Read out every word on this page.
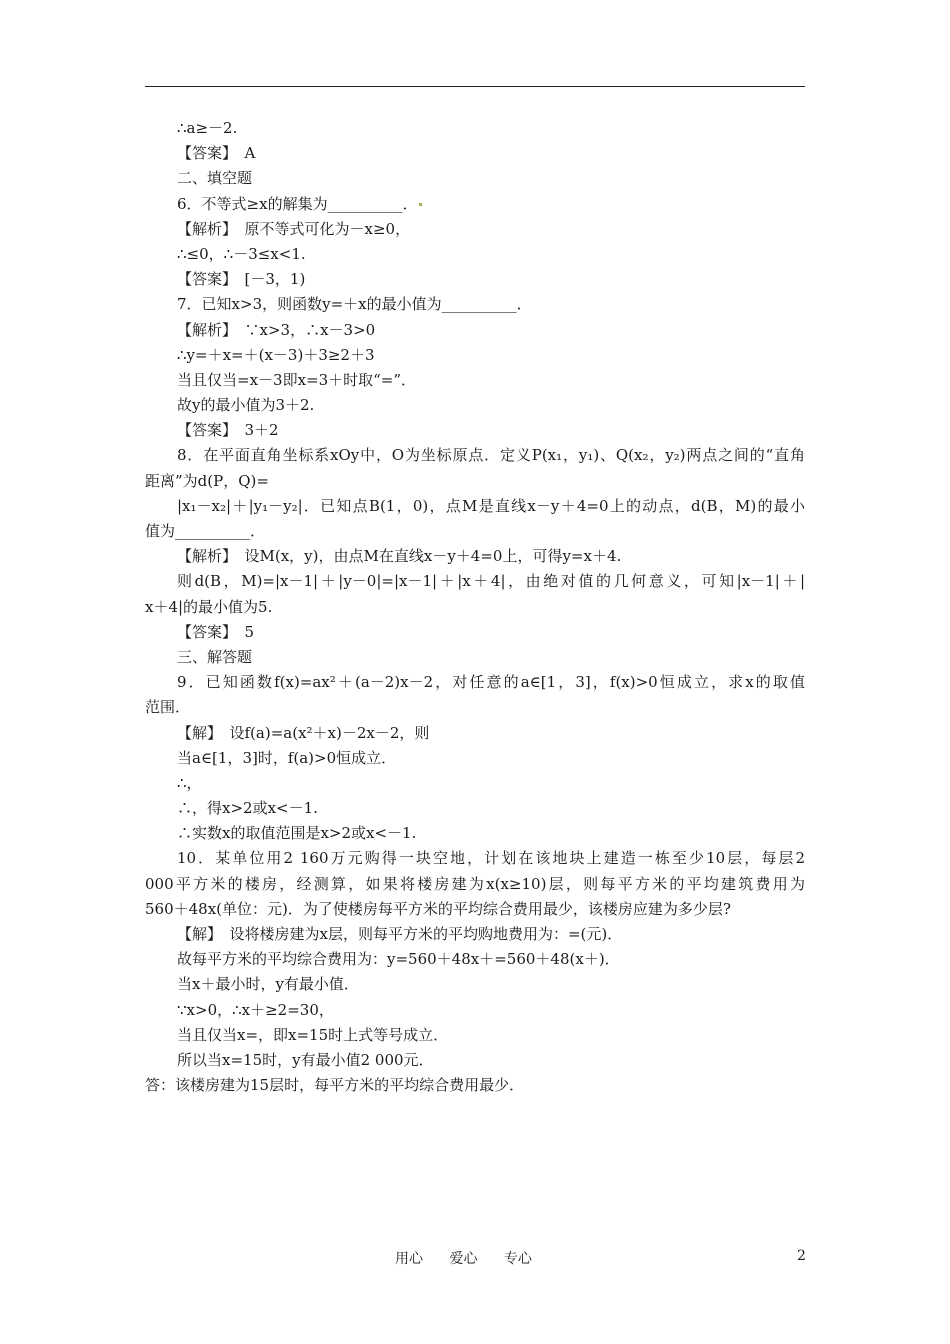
∴a≥－2.
【答案】　A
二、填空题
6．不等式≥x的解集为__________．
【解析】　原不等式可化为－x≥0，
∴≤0，∴－3≤x<1.
【答案】　[－3，1)
7．已知x>3，则函数y=＋x的最小值为__________．
【解析】　∵x>3，∴x－3>0
∴y=＋x=＋(x－3)＋3≥2＋3
当且仅当=x－3即x=3＋时取“=”．
故y的最小值为3＋2.
【答案】　3＋2
8．在平面直角坐标系xOy中，O为坐标原点．定义P(x₁，y₁)、Q(x₂，y₂)两点之间的“直角
距离”为d(P，Q)=
|x₁－x₂|＋|y₁－y₂|．已知点B(1，0)，点M是直线x－y＋4=0上的动点，d(B，M)的最小
值为__________．
【解析】　设M(x，y)，由点M在直线x－y＋4=0上，可得y=x＋4.
则d(B，M)=|x－1|＋|y－0|=|x－1|＋|x＋4|，由绝对值的几何意义，可知|x－1|＋|
x＋4|的最小值为5.
【答案】　5
三、解答题
9．已知函数f(x)=ax²＋(a－2)x－2，对任意的a∈[1，3]，f(x)>0恒成立，求x的取值
范围．
【解】　设f(a)=a(x²＋x)－2x－2，则
当a∈[1，3]时，f(a)>0恒成立．
∴，
∴，得x>2或x<－1.
∴实数x的取值范围是x>2或x<－1.
10．某单位用2 160万元购得一块空地，计划在该地块上建造一栋至少10层，每层2
000平方米的楼房，经测算，如果将楼房建为x(x≥10)层，则每平方米的平均建筑费用为
560＋48x(单位：元)．为了使楼房每平方米的平均综合费用最少，该楼房应建为多少层?
【解】　设将楼房建为x层，则每平方米的平均购地费用为：=(元)．
故每平方米的平均综合费用为：y=560＋48x＋=560＋48(x＋)．
当x＋最小时，y有最小值．
∵x>0，∴x＋≥2=30，
当且仅当x=，即x=15时上式等号成立．
所以当x=15时，y有最小值2 000元．
答：该楼房建为15层时，每平方米的平均综合费用最少．
用心 爱心 专心	2
